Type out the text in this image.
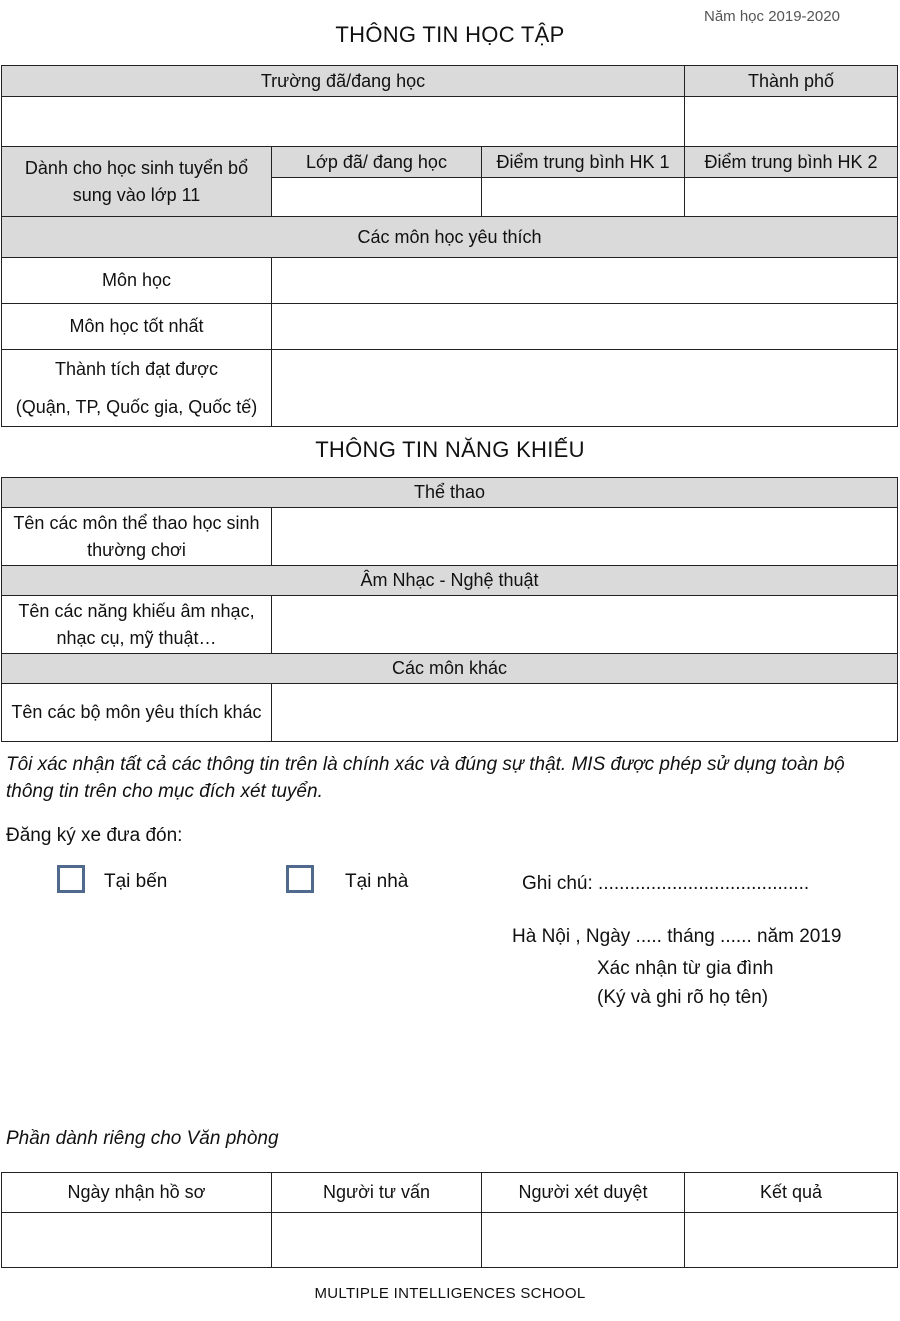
Năm học 2019-2020
THÔNG TIN HỌC TẬP
Trường đã/đang học			Thành phố

Dành cho học sinh tuyển bổ sung vào lớp 11	Lớp đã/ đang học	Điểm trung bình HK 1	Điểm trung bình HK 2

Các môn học yêu thích			
Môn học			
Môn học tốt nhất			

Thành tích đạt được
(Quận, TP, Quốc gia, Quốc tế)			

THÔNG TIN NĂNG KHIẾU
Thể thao	
Tên các môn thể thao học sinh thường chơi	
Âm Nhạc - Nghệ thuật	
Tên các năng khiếu âm nhạc, nhạc cụ, mỹ thuật…	
Các môn khác	
Tên các bộ môn yêu thích khác	
Tôi xác nhận tất cả các thông tin trên là chính xác và đúng sự thật. MIS được phép sử dụng toàn bộ thông tin trên cho mục đích xét tuyển.
Đăng ký xe đưa đón:
Tại bến	Tại nhà	Ghi chú: ........................................
Hà Nội , Ngày ..... tháng ...... năm 2019
Xác nhận từ gia đình
(Ký và ghi rõ họ tên)
Phần dành riêng cho Văn phòng
Ngày nhận hồ sơ	Người tư vấn	Người xét duyệt	Kết quả

MULTIPLE INTELLIGENCES SCHOOL
